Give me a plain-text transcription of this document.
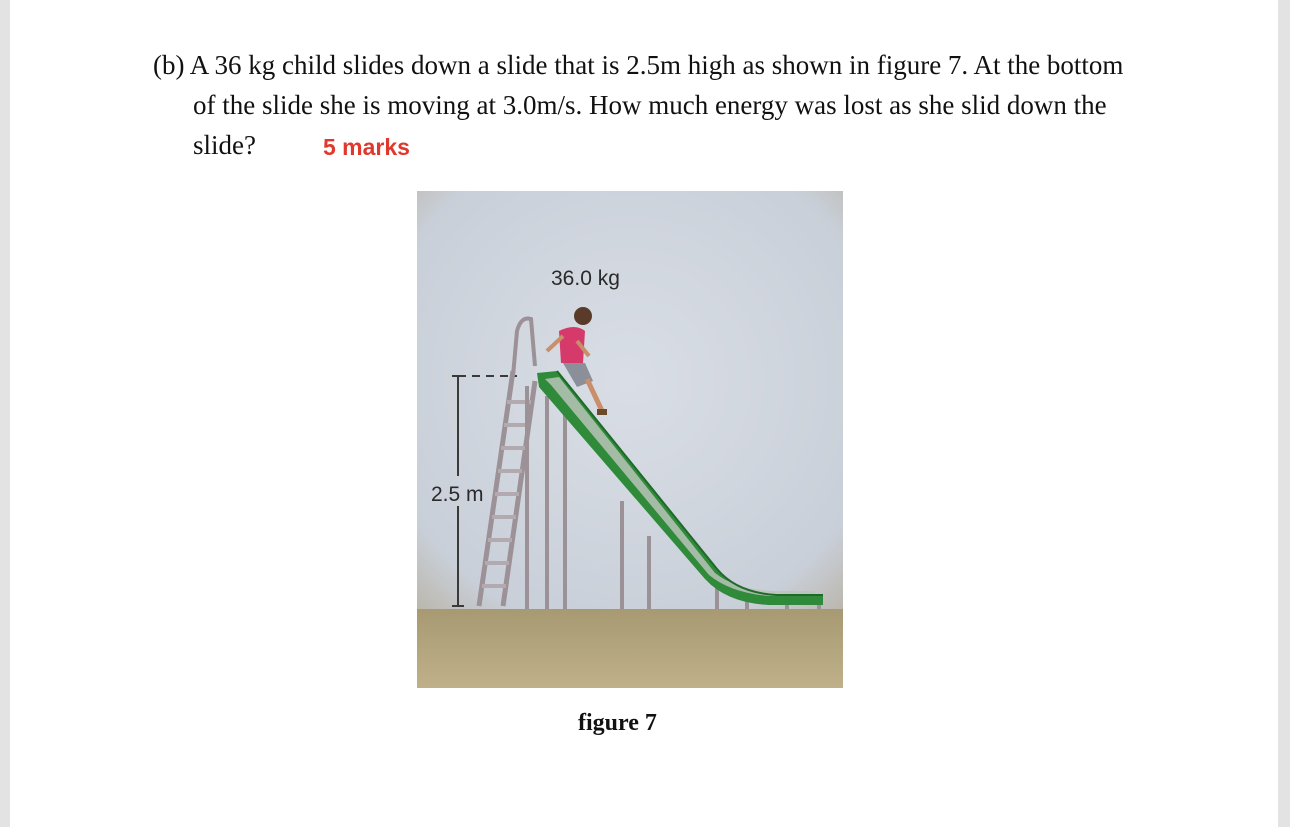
(b) A 36 kg child slides down a slide that is 2.5m high as shown in figure 7. At the bottom
of the slide she is moving at 3.0m/s. How much energy was lost as she slid down the
slide?	5 marks
36.0 kg
2.5 m
figure 7
